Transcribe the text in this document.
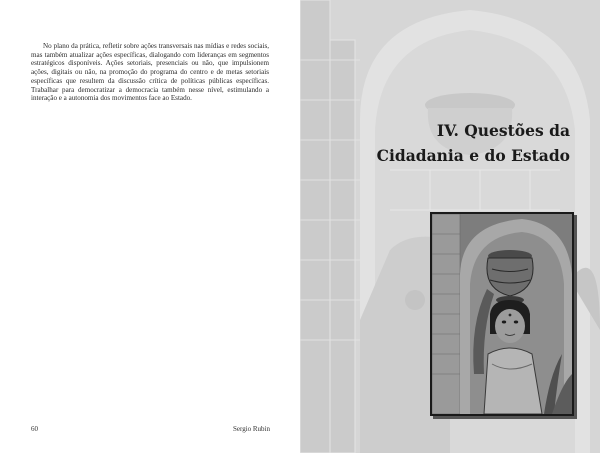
No plano da prática, refletir sobre ações transversais nas mídias e redes sociais, mas também atualizar ações específicas, dialogando com lideranças em segmentos estratégicos disponíveis. Ações setoriais, presenciais ou não, que impulsionem ações, digitais ou não, na promoção do programa do centro e de metas setoriais específicas que resultem da discussão crítica de políticas públicas específicas. Trabalhar para democratizar a democracia também nesse nível, estimulando a interação e a autonomia dos movimentos face ao Estado.

60	Sergio Rubin
IV. Questões da
Cidadania e do Estado
